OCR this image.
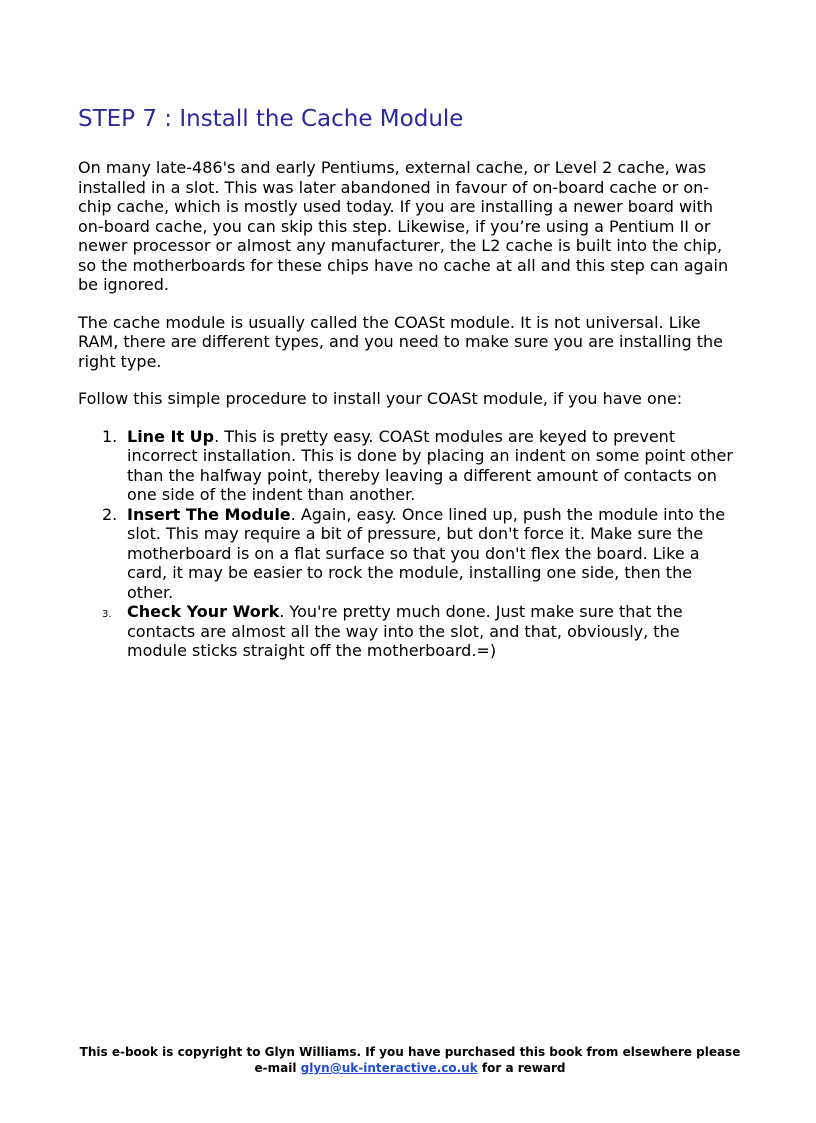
STEP 7 : Install the Cache Module

On many late-486's and early Pentiums, external cache, or Level 2 cache, was installed in a slot. This was later abandoned in favour of on-board cache or on-chip cache, which is mostly used today. If you are installing a newer board with on-board cache, you can skip this step. Likewise, if you’re using a Pentium II or newer processor or almost any manufacturer, the L2 cache is built into the chip, so the motherboards for these chips have no cache at all and this step can again be ignored.

The cache module is usually called the COASt module. It is not universal. Like RAM, there are different types, and you need to make sure you are installing the right type.

Follow this simple procedure to install your COASt module, if you have one:

1. Line It Up. This is pretty easy. COASt modules are keyed to prevent incorrect installation. This is done by placing an indent on some point other than the halfway point, thereby leaving a different amount of contacts on one side of the indent than another.
2. Insert The Module. Again, easy. Once lined up, push the module into the slot. This may require a bit of pressure, but don't force it. Make sure the motherboard is on a flat surface so that you don't flex the board. Like a card, it may be easier to rock the module, installing one side, then the other.
3. Check Your Work. You're pretty much done. Just make sure that the contacts are almost all the way into the slot, and that, obviously, the module sticks straight off the motherboard.=)
This e-book is copyright to Glyn Williams. If you have purchased this book from elsewhere please e-mail glyn@uk-interactive.co.uk for a reward
